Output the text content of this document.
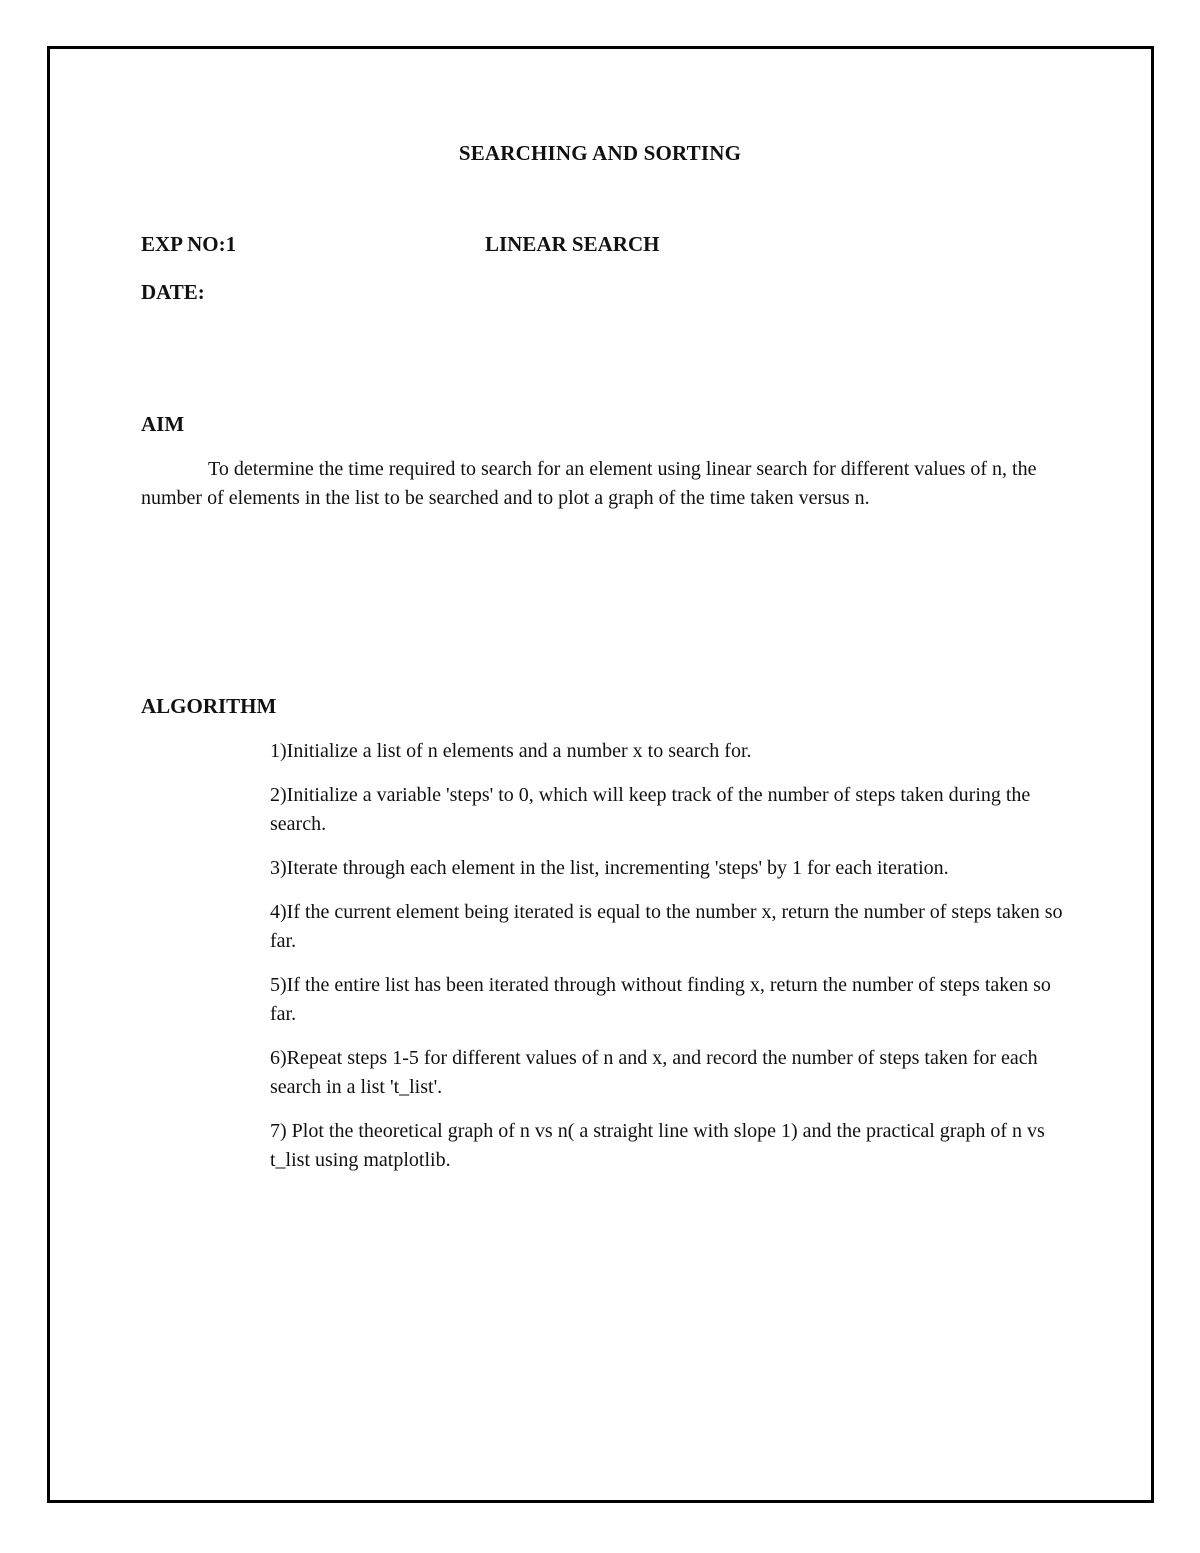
SEARCHING AND SORTING
EXP NO:1	LINEAR SEARCH
DATE:
AIM

To determine the time required to search for an element using linear search for different values of n, the number of elements in the list to be searched and to plot a graph of the time taken versus n.

ALGORITHM
1)Initialize a list of n elements and a number x to search for.
2)Initialize a variable 'steps' to 0, which will keep track of the number of steps taken during the search.
3)Iterate through each element in the list, incrementing 'steps' by 1 for each iteration.
4)If the current element being iterated is equal to the number x, return the number of steps taken so far.
5)If the entire list has been iterated through without finding x, return the number of steps taken so far.
6)Repeat steps 1-5 for different values of n and x, and record the number of steps taken for each search in a list 't_list'.
7) Plot the theoretical graph of n vs n( a straight line with slope 1) and the practical graph of n vs t_list using matplotlib.
